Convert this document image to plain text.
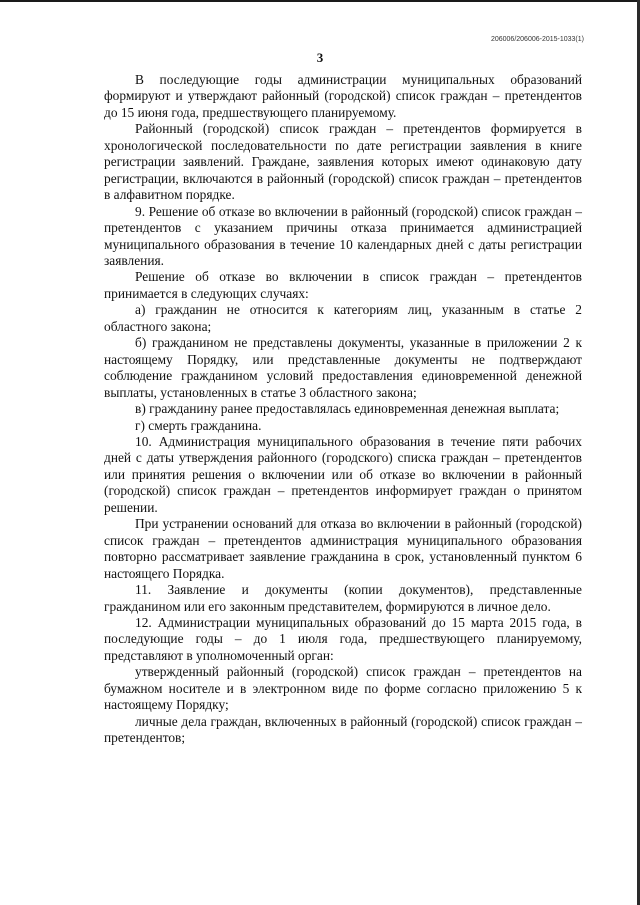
206006/206006-2015-1033(1)
3

В последующие годы администрации муниципальных образований формируют и утверждают районный (городской) список граждан – претендентов до 15 июня года, предшествующего планируемому.

Районный (городской) список граждан – претендентов формируется в хронологической последовательности по дате регистрации заявления в книге регистрации заявлений. Граждане, заявления которых имеют одинаковую дату регистрации, включаются в районный (городской) список граждан – претендентов в алфавитном порядке.

9. Решение об отказе во включении в районный (городской) список граждан – претендентов с указанием причины отказа принимается администрацией муниципального образования в течение 10 календарных дней с даты регистрации заявления.

Решение об отказе во включении в список граждан – претендентов принимается в следующих случаях:

а) гражданин не относится к категориям лиц, указанным в статье 2 областного закона;

б) гражданином не представлены документы, указанные в приложении 2 к настоящему Порядку, или представленные документы не подтверждают соблюдение гражданином условий предоставления единовременной денежной выплаты, установленных в статье 3 областного закона;

в) гражданину ранее предоставлялась единовременная денежная выплата;

г) смерть гражданина.

10. Администрация муниципального образования в течение пяти рабочих дней с даты утверждения районного (городского) списка граждан – претендентов или принятия решения о включении или об отказе во включении в районный (городской) список граждан – претендентов информирует граждан о принятом решении.

При устранении оснований для отказа во включении в районный (городской) список граждан – претендентов администрация муниципального образования повторно рассматривает заявление гражданина в срок, установленный пунктом 6 настоящего Порядка.

11. Заявление и документы (копии документов), представленные гражданином или его законным представителем, формируются в личное дело.

12. Администрации муниципальных образований до 15 марта 2015 года, в последующие годы – до 1 июля года, предшествующего планируемому, представляют в уполномоченный орган:

утвержденный районный (городской) список граждан – претендентов на бумажном носителе и в электронном виде по форме согласно приложению 5 к настоящему Порядку;

личные дела граждан, включенных в районный (городской) список граждан – претендентов;
